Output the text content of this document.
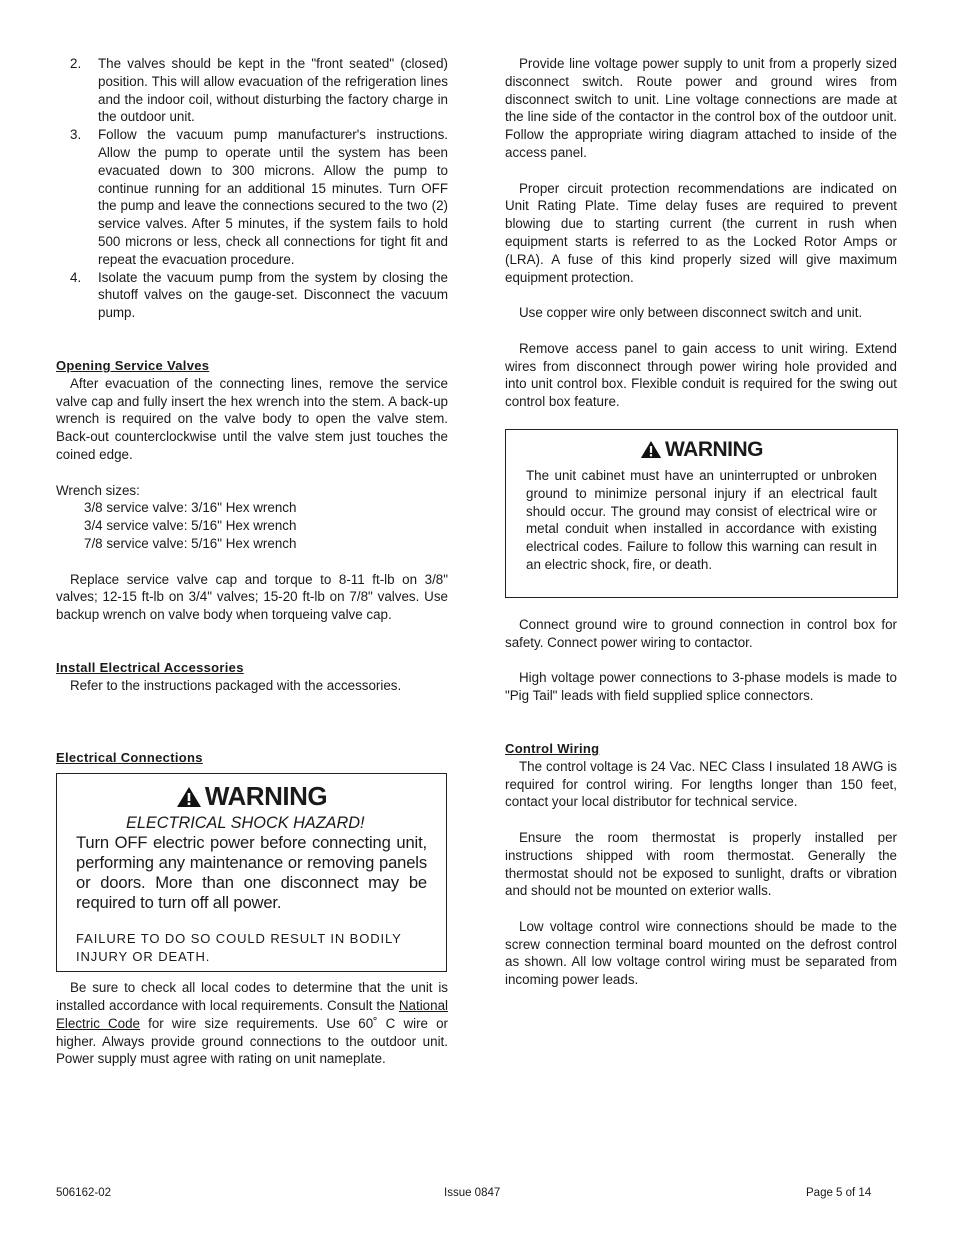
2. The valves should be kept in the "front seated" (closed) position. This will allow evacuation of the refrigeration lines and the indoor coil, without disturbing the factory charge in the outdoor unit.
3. Follow the vacuum pump manufacturer's instructions. Allow the pump to operate until the system has been evacuated down to 300 microns. Allow the pump to continue running for an additional 15 minutes. Turn OFF the pump and leave the connections secured to the two (2) service valves. After 5 minutes, if the system fails to hold 500 microns or less, check all connections for tight fit and repeat the evacuation procedure.
4. Isolate the vacuum pump from the system by closing the shutoff valves on the gauge-set. Disconnect the vacuum pump.
Opening Service Valves

After evacuation of the connecting lines, remove the service valve cap and fully insert the hex wrench into the stem. A back-up wrench is required on the valve body to open the valve stem. Back-out counterclockwise until the valve stem just touches the coined edge.

Wrench sizes:

3/8 service valve: 3/16" Hex wrench
3/4 service valve: 5/16" Hex wrench
7/8 service valve: 5/16" Hex wrench

Replace service valve cap and torque to 8-11 ft-lb on 3/8" valves; 12-15 ft-lb on 3/4" valves; 15-20 ft-lb on 7/8" valves. Use backup wrench on valve body when torqueing valve cap.

Install Electrical Accessories

Refer to the instructions packaged with the accessories.

Electrical Connections
WARNING
ELECTRICAL SHOCK HAZARD!

Turn OFF electric power before connecting unit, performing any maintenance or removing panels or doors. More than one disconnect may be required to turn off all power.

FAILURE TO DO SO COULD RESULT IN BODILY INJURY OR DEATH.

Be sure to check all local codes to determine that the unit is installed accordance with local requirements. Consult the National Electric Code for wire size requirements. Use 60˚ C wire or higher. Always provide ground connections to the outdoor unit. Power supply must agree with rating on unit nameplate.

Provide line voltage power supply to unit from a properly sized disconnect switch. Route power and ground wires from disconnect switch to unit. Line voltage connections are made at the line side of the contactor in the control box of the outdoor unit. Follow the appropriate wiring diagram attached to inside of the access panel.

Proper circuit protection recommendations are indicated on Unit Rating Plate. Time delay fuses are required to prevent blowing due to starting current (the current in rush when equipment starts is referred to as the Locked Rotor Amps or (LRA). A fuse of this kind properly sized will give maximum equipment protection.

Use copper wire only between disconnect switch and unit.

Remove access panel to gain access to unit wiring. Extend wires from disconnect through power wiring hole provided and into unit control box. Flexible conduit is required for the swing out control box feature.

WARNING

The unit cabinet must have an uninterrupted or unbroken ground to minimize personal injury if an electrical fault should occur. The ground may consist of electrical wire or metal conduit when installed in accordance with existing electrical codes. Failure to follow this warning can result in an electric shock, fire, or death.

Connect ground wire to ground connection in control box for safety. Connect power wiring to contactor.

High voltage power connections to 3-phase models is made to "Pig Tail" leads with field supplied splice connectors.

Control Wiring

The control voltage is 24 Vac. NEC Class I insulated 18 AWG is required for control wiring. For lengths longer than 150 feet, contact your local distributor for technical service.

Ensure the room thermostat is properly installed per instructions shipped with room thermostat. Generally the thermostat should not be exposed to sunlight, drafts or vibration and should not be mounted on exterior walls.

Low voltage control wire connections should be made to the screw connection terminal board mounted on the defrost control as shown. All low voltage control wiring must be separated from incoming power leads.

506162-02	Issue 0847	Page 5 of 14
